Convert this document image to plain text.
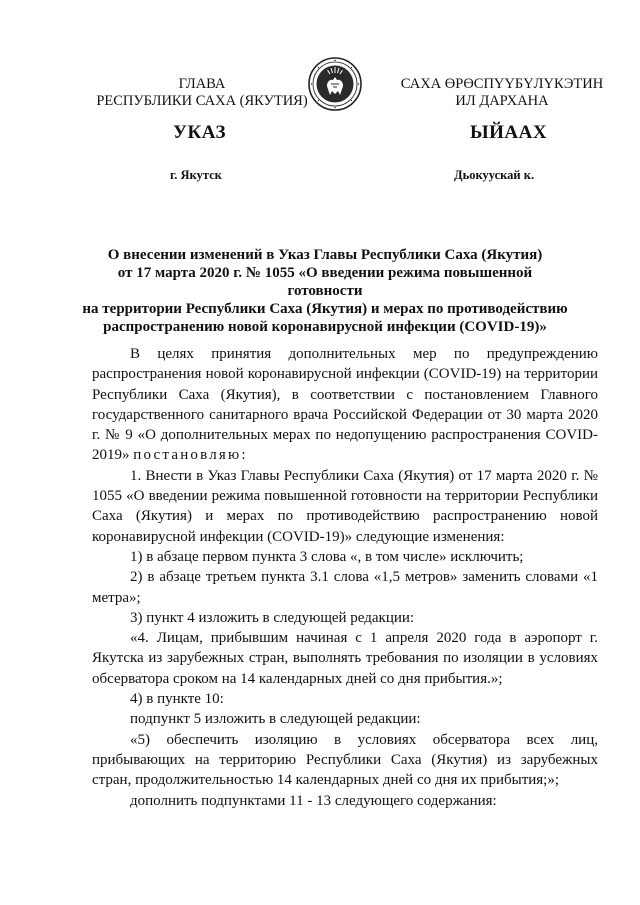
ГЛАВА
РЕСПУБЛИКИ САХА (ЯКУТИЯ)
САХА ӨРӨСПҮҮБҮЛҮКЭТИН
ИЛ ДАРХАНА
УКАЗ	ЫЙААХ
г. Якутск	Дьокуускай к.
О внесении изменений в Указ Главы Республики Саха (Якутия)
от 17 марта 2020 г. № 1055 «О введении режима повышенной готовности
на территории Республики Саха (Якутия) и мерах по противодействию
распространению новой коронавирусной инфекции (COVID-19)»

В целях принятия дополнительных мер по предупреждению распространения новой коронавирусной инфекции (COVID-19) на территории Республики Саха (Якутия), в соответствии с постановлением Главного государственного санитарного врача Российской Федерации от 30 марта 2020 г. № 9 «О дополнительных мерах по недопущению распространения COVID-2019» постановляю:

1. Внести в Указ Главы Республики Саха (Якутия) от 17 марта 2020 г. № 1055 «О введении режима повышенной готовности на территории Республики Саха (Якутия) и мерах по противодействию распространению новой коронавирусной инфекции (COVID-19)» следующие изменения:

1) в абзаце первом пункта 3 слова «, в том числе» исключить;

2) в абзаце третьем пункта 3.1 слова «1,5 метров» заменить словами «1 метра»;

3) пункт 4 изложить в следующей редакции:

«4. Лицам, прибывшим начиная с 1 апреля 2020 года в аэропорт г. Якутска из зарубежных стран, выполнять требования по изоляции в условиях обсерватора сроком на 14 календарных дней со дня прибытия.»;

4) в пункте 10:

подпункт 5 изложить в следующей редакции:

«5) обеспечить изоляцию в условиях обсерватора всех лиц, прибывающих на территорию Республики Саха (Якутия) из зарубежных стран, продолжительностью 14 календарных дней со дня их прибытия;»;

дополнить подпунктами 11 - 13 следующего содержания:
